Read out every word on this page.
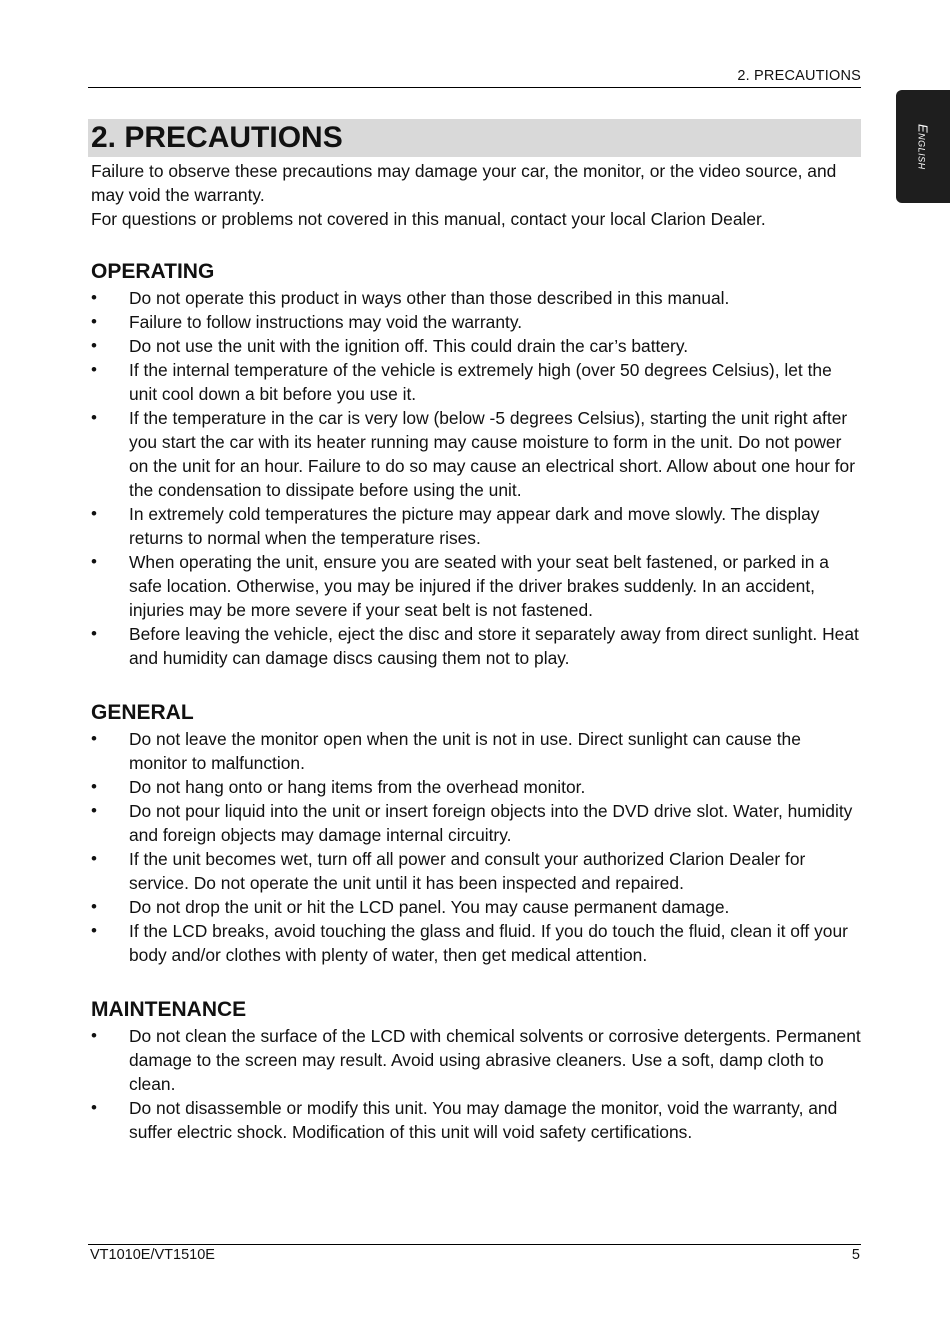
2. PRECAUTIONS
English
2. PRECAUTIONS

Failure to observe these precautions may damage your car, the monitor, or the video source, and may void the warranty.

For questions or problems not covered in this manual, contact your local Clarion Dealer.

OPERATING
• Do not operate this product in ways other than those described in this manual.
• Failure to follow instructions may void the warranty.
• Do not use the unit with the ignition off. This could drain the car’s battery.
• If the internal temperature of the vehicle is extremely high (over 50 degrees Celsius), let the unit cool down a bit before you use it.
• If the temperature in the car is very low (below -5 degrees Celsius), starting the unit right after you start the car with its heater running may cause moisture to form in the unit. Do not power on the unit for an hour. Failure to do so may cause an electrical short. Allow about one hour for the condensation to dissipate before using the unit.
• In extremely cold temperatures the picture may appear dark and move slowly. The display returns to normal when the temperature rises.
• When operating the unit, ensure you are seated with your seat belt fastened, or parked in a safe location. Otherwise, you may be injured if the driver brakes suddenly. In an accident, injuries may be more severe if your seat belt is not fastened.
• Before leaving the vehicle, eject the disc and store it separately away from direct sunlight. Heat and humidity can damage discs causing them not to play.
GENERAL
• Do not leave the monitor open when the unit is not in use. Direct sunlight can cause the monitor to malfunction.
• Do not hang onto or hang items from the overhead monitor.
• Do not pour liquid into the unit or insert foreign objects into the DVD drive slot. Water, humidity and foreign objects may damage internal circuitry.
• If the unit becomes wet, turn off all power and consult your authorized Clarion Dealer for service. Do not operate the unit until it has been inspected and repaired.
• Do not drop the unit or hit the LCD panel. You may cause permanent damage.
• If the LCD breaks, avoid touching the glass and fluid. If you do touch the fluid, clean it off your body and/or clothes with plenty of water, then get medical attention.
MAINTENANCE
• Do not clean the surface of the LCD with chemical solvents or corrosive detergents. Permanent damage to the screen may result. Avoid using abrasive cleaners. Use a soft, damp cloth to clean.
• Do not disassemble or modify this unit. You may damage the monitor, void the warranty, and suffer electric shock. Modification of this unit will void safety certifications.
VT1010E/VT1510E	5
